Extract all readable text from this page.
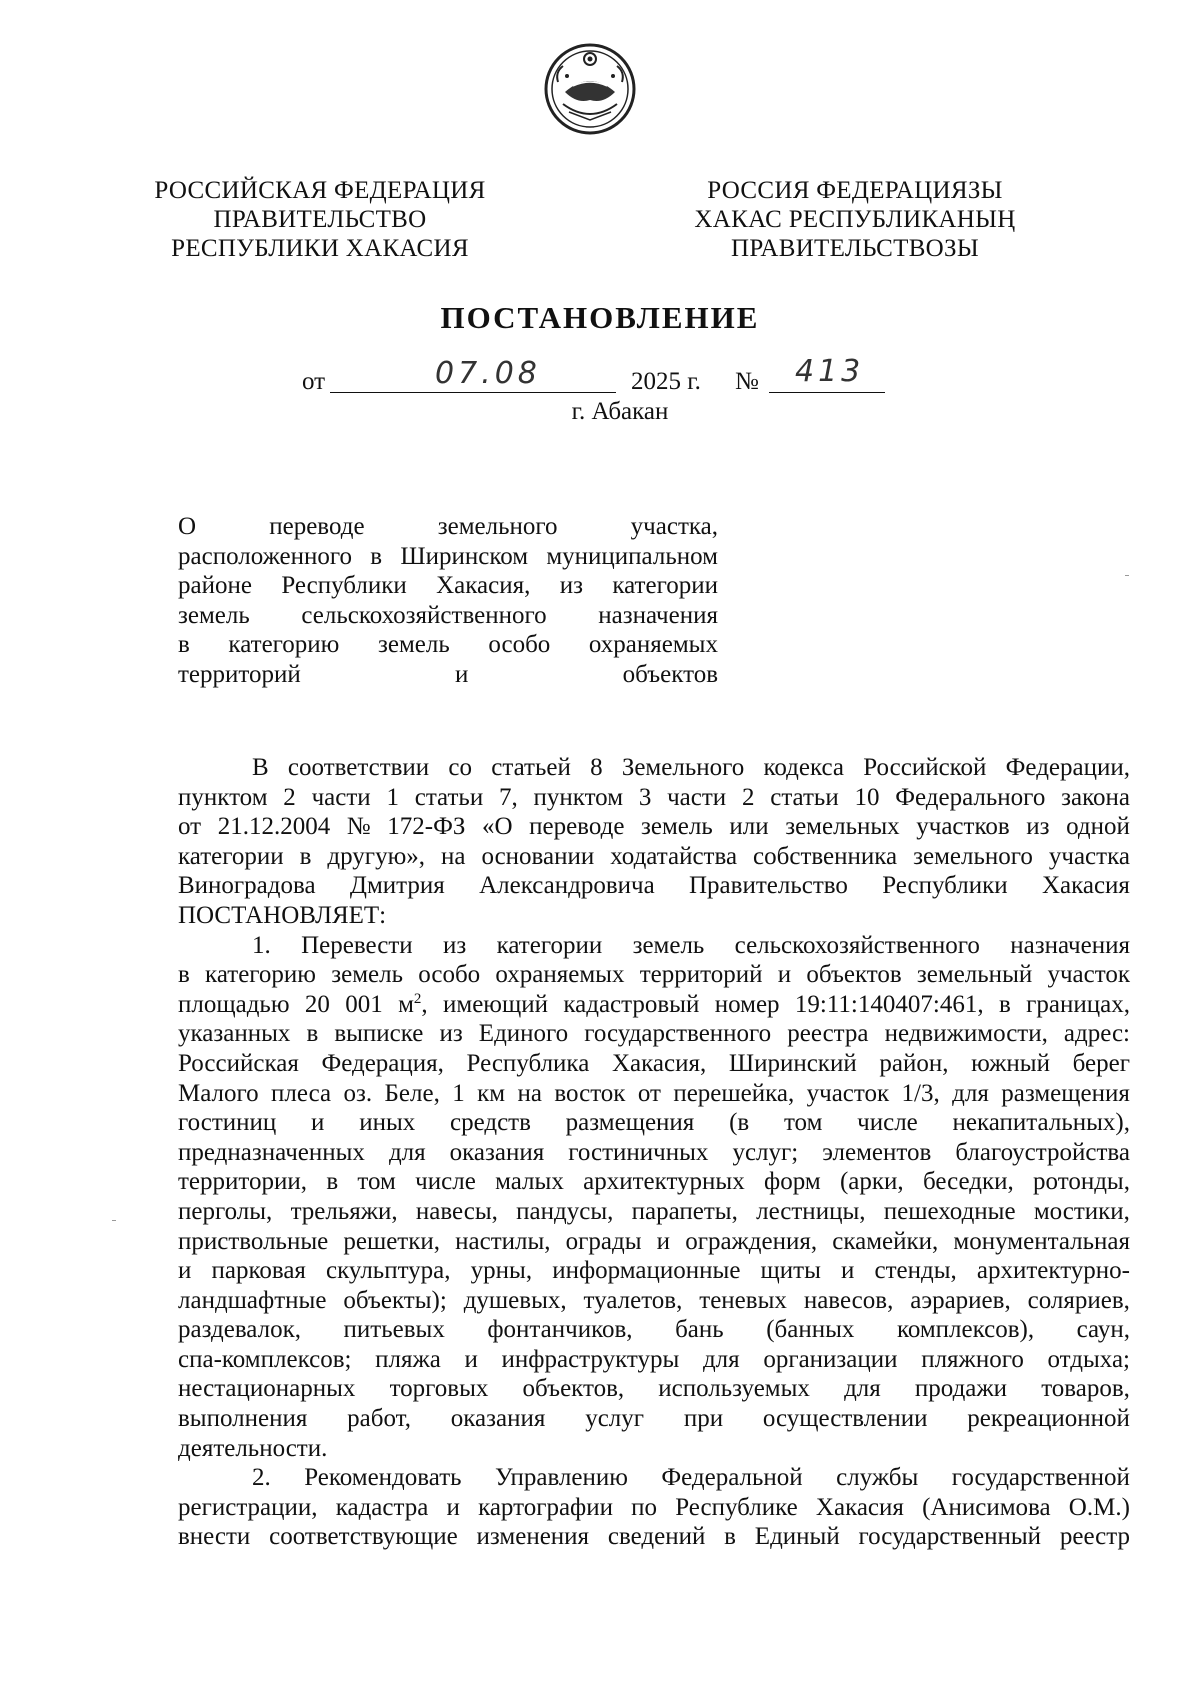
РОССИЙСКАЯ ФЕДЕРАЦИЯ
ПРАВИТЕЛЬСТВО
РЕСПУБЛИКИ ХАКАСИЯ
РОССИЯ ФЕДЕРАЦИЯЗЫ
ХАКАС РЕСПУБЛИКАНЫҢ
ПРАВИТЕЛЬСТВОЗЫ
ПОСТАНОВЛЕНИЕ
от	07.08	2025 г. № 413
г. Абакан
О	переводе	земельного	участка,
расположенного в Ширинском муниципальном
районе Республики Хакасия, из категории
земель сельскохозяйственного назначения
в категорию земель особо охраняемых
территорий	и	объектов
В соответствии со статьей 8 Земельного кодекса Российской Федерации,
пунктом 2 части 1 статьи 7, пунктом 3 части 2 статьи 10 Федерального закона
от 21.12.2004 № 172-ФЗ «О переводе земель или земельных участков из одной
категории в другую», на основании ходатайства собственника земельного участка
Виноградова Дмитрия Александровича Правительство Республики Хакасия
ПОСТАНОВЛЯЕТ:
1. Перевести из категории земель сельскохозяйственного назначения
в категорию земель особо охраняемых территорий и объектов земельный участок
площадью 20 001 $м^2$, имеющий кадастровый номер 19:11:140407:461, в границах,
указанных в выписке из Единого государственного реестра недвижимости, адрес:
Российская Федерация, Республика Хакасия, Ширинский район, южный берег
Малого плеса оз. Беле, 1 км на восток от перешейка, участок 1/3, для размещения
гостиниц и иных средств размещения (в том числе некапитальных),
предназначенных для оказания гостиничных услуг; элементов благоустройства
территории, в том числе малых архитектурных форм (арки, беседки, ротонды,
перголы, трельяжи, навесы, пандусы, парапеты, лестницы, пешеходные мостики,
приствольные решетки, настилы, ограды и ограждения, скамейки, монументальная
и парковая скульптура, урны, информационные щиты и стенды, архитектурно-
ландшафтные объекты); душевых, туалетов, теневых навесов, аэрариев, соляриев,
раздевалок, питьевых фонтанчиков, бань (банных комплексов), саун,
спа-комплексов; пляжа и инфраструктуры для организации пляжного отдыха;
нестационарных торговых объектов, используемых для продажи товаров,
выполнения работ, оказания услуг при осуществлении рекреационной
деятельности.
2. Рекомендовать Управлению Федеральной службы государственной
регистрации, кадастра и картографии по Республике Хакасия (Анисимова О.М.)
внести соответствующие изменения сведений в Единый государственный реестр
